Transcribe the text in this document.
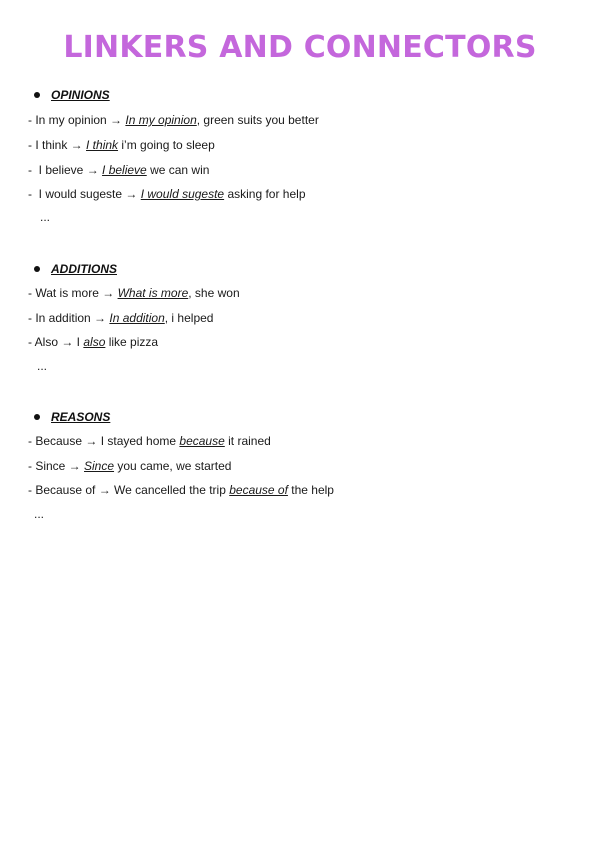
LINKERS AND CONNECTORS
OPINIONS
- In my opinion → In my opinion, green suits you better
- I think → I think i’m going to sleep
-  I believe → I believe we can win
-  I would sugeste → I would sugeste asking for help
...
ADDITIONS
- Wat is more → What is more, she won
- In addition → In addition, i helped
- Also → I also like pizza
...
REASONS
- Because → I stayed home because it rained
- Since → Since you came, we started
- Because of → We cancelled the trip because of the help
...
